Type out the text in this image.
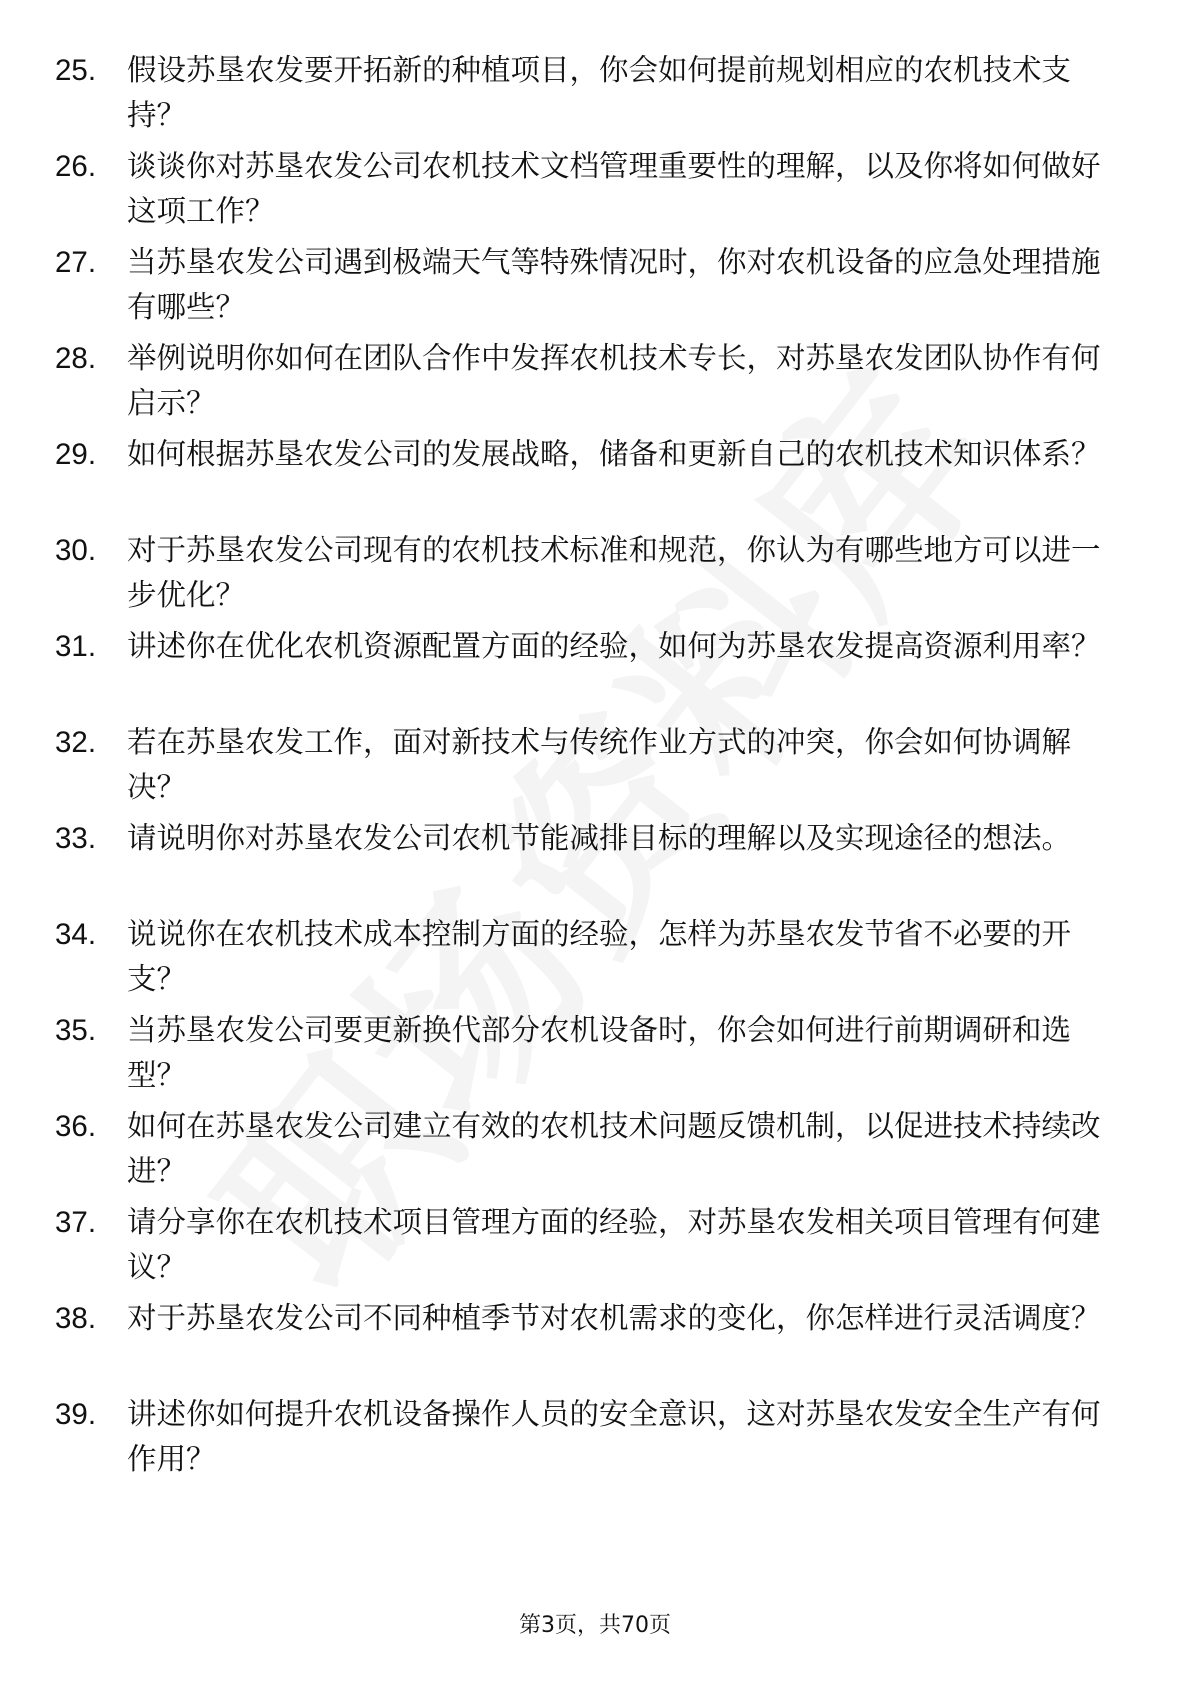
25. 假设苏垦农发要开拓新的种植项目，你会如何提前规划相应的农机技术支持？
26. 谈谈你对苏垦农发公司农机技术文档管理重要性的理解，以及你将如何做好这项工作？
27. 当苏垦农发公司遇到极端天气等特殊情况时，你对农机设备的应急处理措施有哪些？
28. 举例说明你如何在团队合作中发挥农机技术专长，对苏垦农发团队协作有何启示？
29. 如何根据苏垦农发公司的发展战略，储备和更新自己的农机技术知识体系？
30. 对于苏垦农发公司现有的农机技术标准和规范，你认为有哪些地方可以进一步优化？
31. 讲述你在优化农机资源配置方面的经验，如何为苏垦农发提高资源利用率？
32. 若在苏垦农发工作，面对新技术与传统作业方式的冲突，你会如何协调解决？
33. 请说明你对苏垦农发公司农机节能减排目标的理解以及实现途径的想法。
34. 说说你在农机技术成本控制方面的经验，怎样为苏垦农发节省不必要的开支？
35. 当苏垦农发公司要更新换代部分农机设备时，你会如何进行前期调研和选型？
36. 如何在苏垦农发公司建立有效的农机技术问题反馈机制，以促进技术持续改进？
37. 请分享你在农机技术项目管理方面的经验，对苏垦农发相关项目管理有何建议？
38. 对于苏垦农发公司不同种植季节对农机需求的变化，你怎样进行灵活调度？
39. 讲述你如何提升农机设备操作人员的安全意识，这对苏垦农发安全生产有何作用？
第3页，共70页
